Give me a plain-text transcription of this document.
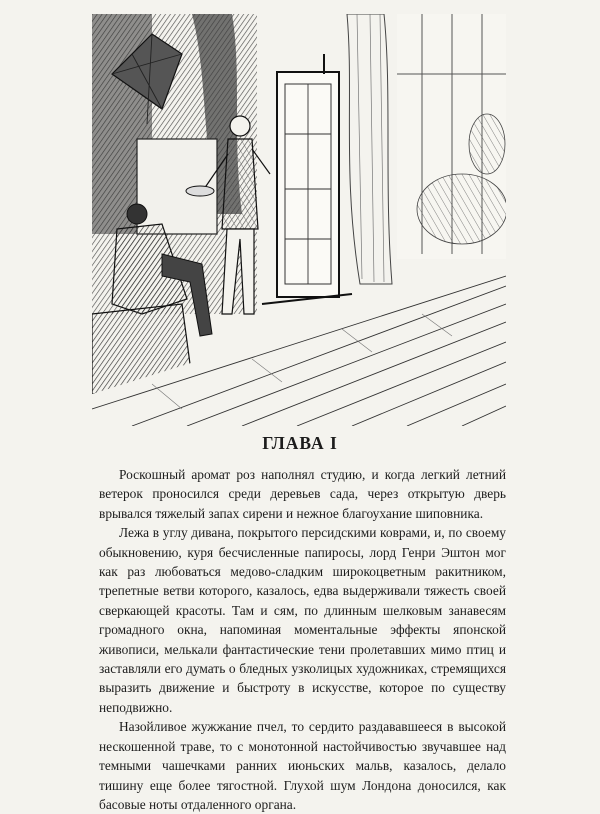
ГЛАВА I

Роскошный аромат роз наполнял студию, и когда легкий летний ветерок проносился среди деревьев сада, через открытую дверь врывался тяжелый запах сирени и нежное благоухание шиповника.

Лежа в углу дивана, покрытого персидскими коврами, и, по своему обыкновению, куря бесчисленные папиросы, лорд Генри Эштон мог как раз любоваться медово-сладким широкоцветным ракитником, трепетные ветви которого, казалось, едва выдерживали тяжесть своей сверкающей красоты. Там и сям, по длинным шелковым занавесям громадного окна, напоминая моментальные эффекты японской живописи, мелькали фантастические тени пролетавших мимо птиц и заставляли его думать о бледных узколицых художниках, стремящихся выразить движение и быстроту в искусстве, которое по существу неподвижно.

Назойливое жужжание пчел, то сердито раздававшееся в высокой нескошенной траве, то с монотонной настойчивостью звучавшее над темными чашечками ранних июньских мальв, казалось, делало тишину еще более тягостной. Глухой шум Лондона доносился, как басовые ноты отдаленного органа.
